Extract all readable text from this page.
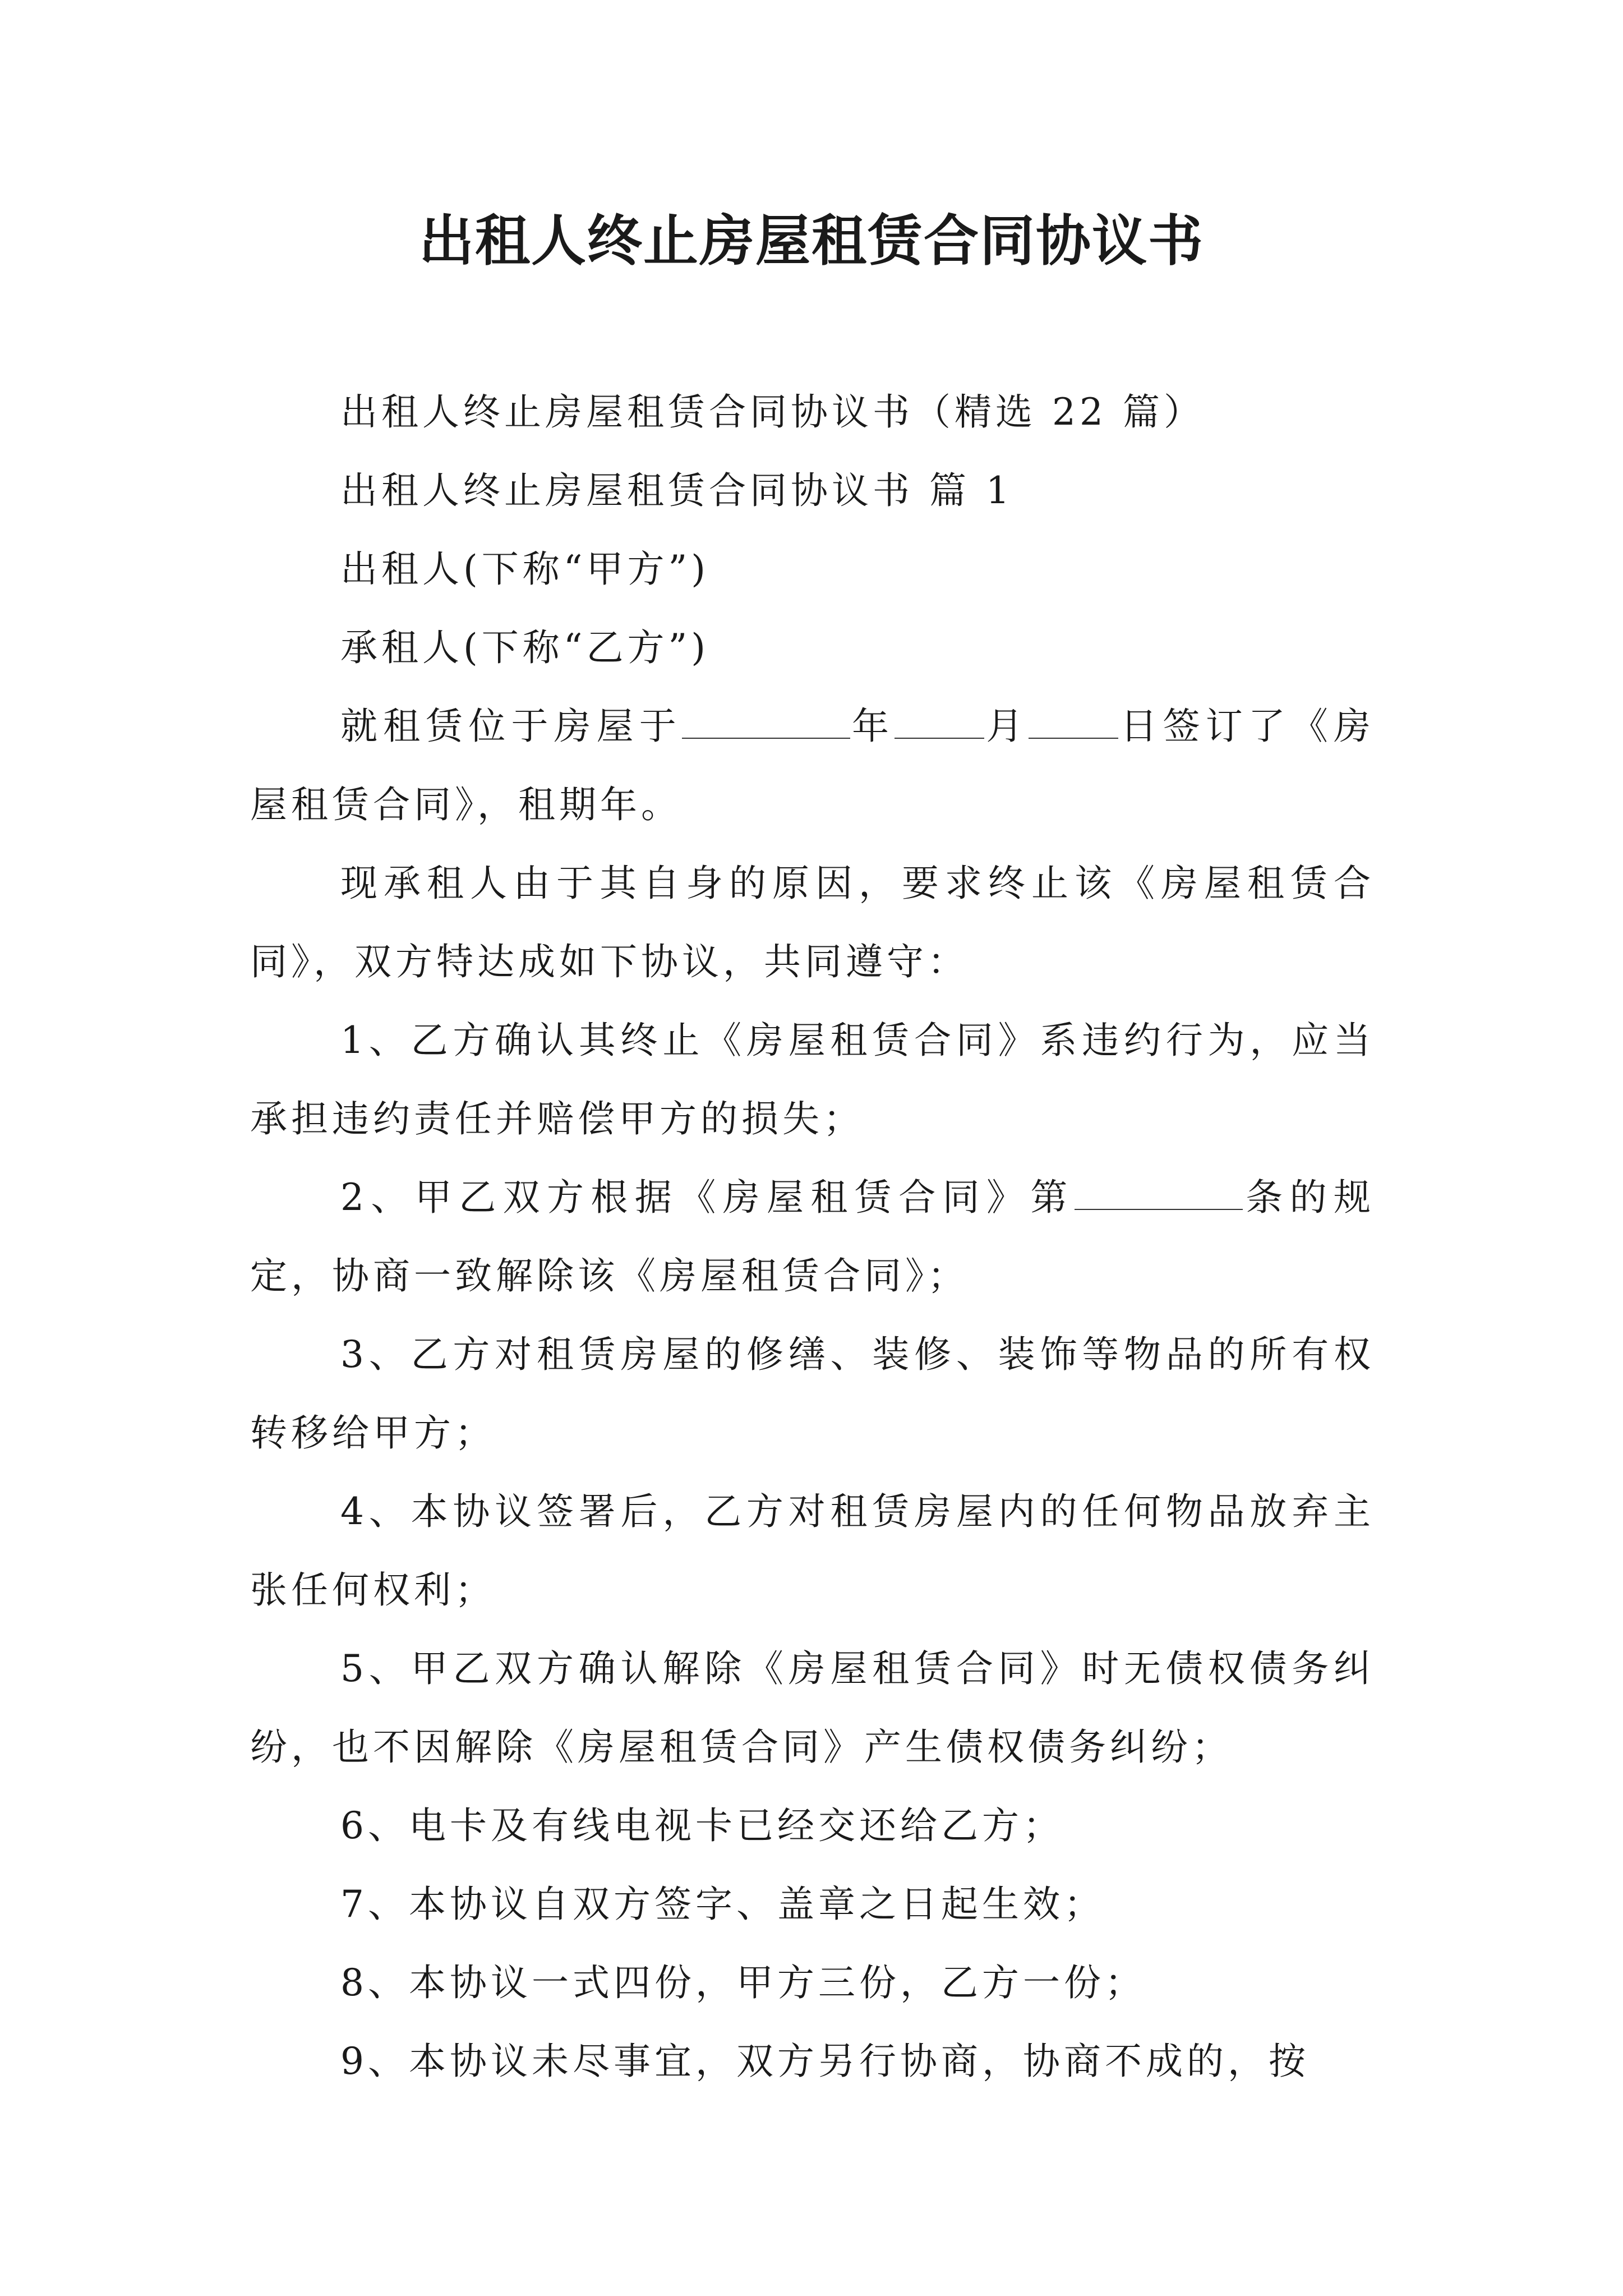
出租人终止房屋租赁合同协议书

出租人终止房屋租赁合同协议书（精选 22 篇）

出租人终止房屋租赁合同协议书 篇 1

出租人(下称“甲方”)

承租人(下称“乙方”)

就租赁位于房屋于	年 月 日签订了《房屋租赁合同》，租期年。

现承租人由于其自身的原因，要求终止该《房屋租赁合同》，双方特达成如下协议，共同遵守：

1、乙方确认其终止《房屋租赁合同》系违约行为，应当承担违约责任并赔偿甲方的损失；

2、甲乙双方根据《房屋租赁合同》第	条的规定，协商一致解除该《房屋租赁合同》；

3、乙方对租赁房屋的修缮、装修、装饰等物品的所有权转移给甲方；

4、本协议签署后，乙方对租赁房屋内的任何物品放弃主张任何权利；

5、甲乙双方确认解除《房屋租赁合同》时无债权债务纠纷，也不因解除《房屋租赁合同》产生债权债务纠纷；

6、电卡及有线电视卡已经交还给乙方；

7、本协议自双方签字、盖章之日起生效；

8、本协议一式四份，甲方三份，乙方一份；

9、本协议未尽事宜，双方另行协商，协商不成的，按
